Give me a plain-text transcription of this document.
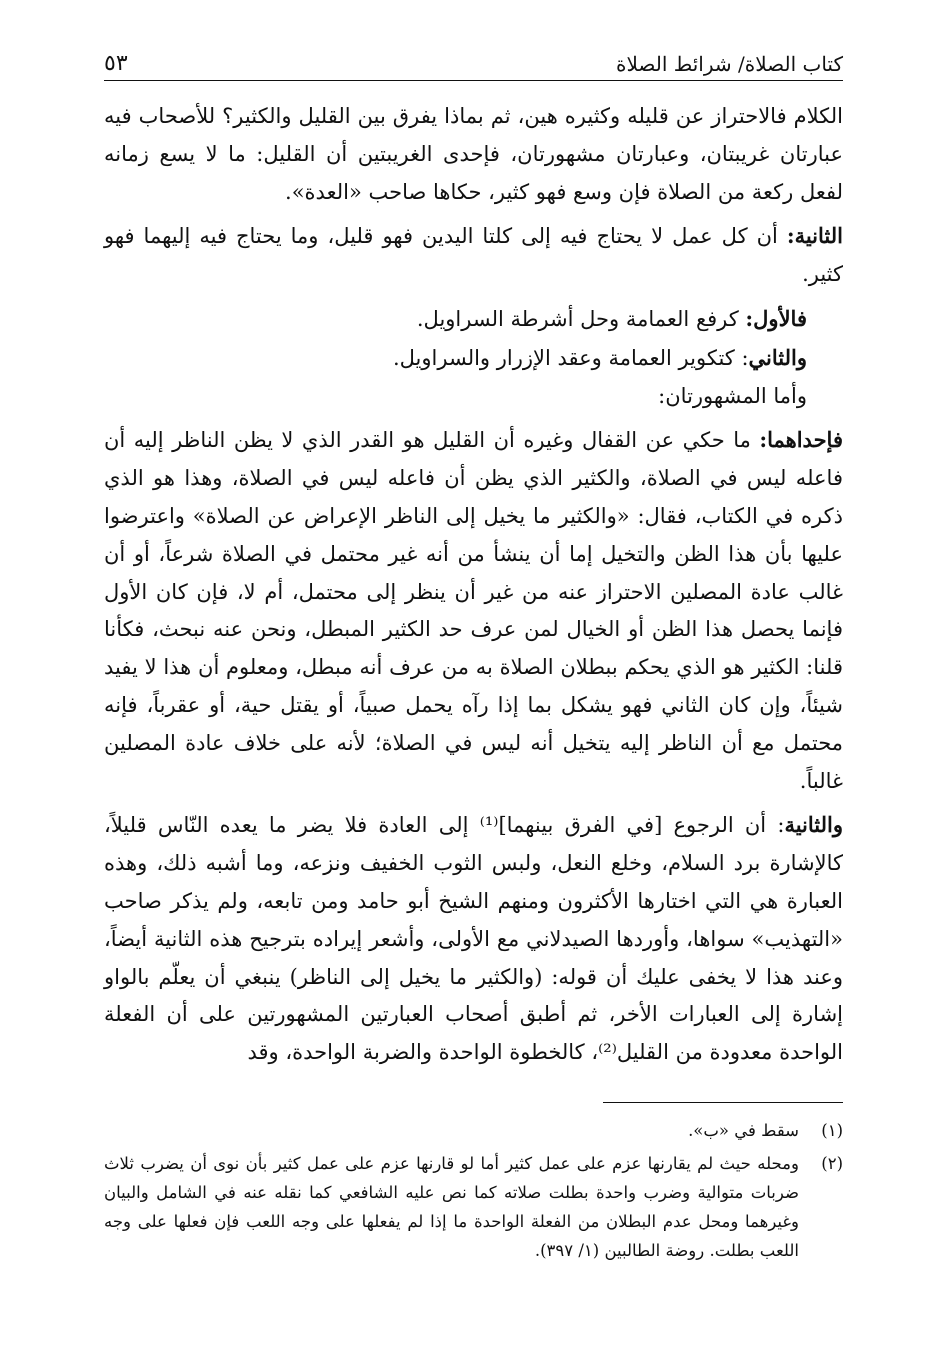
كتاب الصلاة/ شرائط الصلاة
٥٣

الكلام فالاحتراز عن قليله وكثيره هين، ثم بماذا يفرق بين القليل والكثير؟ للأصحاب فيه عبارتان غريبتان، وعبارتان مشهورتان، فإحدى الغريبتين أن القليل: ما لا يسع زمانه لفعل ركعة من الصلاة فإن وسع فهو كثير، حكاها صاحب «العدة».

الثانية: أن كل عمل لا يحتاج فيه إلى كلتا اليدين فهو قليل، وما يحتاج فيه إليهما فهو كثير.

فالأول: كرفع العمامة وحل أشرطة السراويل.

والثاني: كتكوير العمامة وعقد الإزرار والسراويل.

وأما المشهورتان:

فإحداهما: ما حكي عن القفال وغيره أن القليل هو القدر الذي لا يظن الناظر إليه أن فاعله ليس في الصلاة، والكثير الذي يظن أن فاعله ليس في الصلاة، وهذا هو الذي ذكره في الكتاب، فقال: «والكثير ما يخيل إلى الناظر الإعراض عن الصلاة» واعترضوا عليها بأن هذا الظن والتخيل إما أن ينشأ من أنه غير محتمل في الصلاة شرعاً، أو أن غالب عادة المصلين الاحتراز عنه من غير أن ينظر إلى محتمل، أم لا، فإن كان الأول فإنما يحصل هذا الظن أو الخيال لمن عرف حد الكثير المبطل، ونحن عنه نبحث، فكأنا قلنا: الكثير هو الذي يحكم ببطلان الصلاة به من عرف أنه مبطل، ومعلوم أن هذا لا يفيد شيئاً، وإن كان الثاني فهو يشكل بما إذا رآه يحمل صبياً، أو يقتل حية، أو عقرباً، فإنه محتمل مع أن الناظر إليه يتخيل أنه ليس في الصلاة؛ لأنه على خلاف عادة المصلين غالباً.

والثانية: أن الرجوع [في الفرق بينهما]⁽¹⁾ إلى العادة فلا يضر ما يعده النّاس قليلاً، كالإشارة برد السلام، وخلع النعل، ولبس الثوب الخفيف ونزعه، وما أشبه ذلك، وهذه العبارة هي التي اختارها الأكثرون ومنهم الشيخ أبو حامد ومن تابعه، ولم يذكر صاحب «التهذيب» سواها، وأوردها الصيدلاني مع الأولى، وأشعر إيراده بترجيح هذه الثانية أيضاً، وعند هذا لا يخفى عليك أن قوله: (والكثير ما يخيل إلى الناظر) ينبغي أن يعلّم بالواو إشارة إلى العبارات الأخر، ثم أطبق أصحاب العبارتين المشهورتين على أن الفعلة الواحدة معدودة من القليل⁽²⁾، كالخطوة الواحدة والضربة الواحدة، وقد

(١)
سقط في «ب».
(٢)
ومحله حيث لم يقارنها عزم على عمل كثير أما لو قارنها عزم على عمل كثير بأن نوى أن يضرب ثلاث ضربات متوالية وضرب واحدة بطلت صلاته كما نص عليه الشافعي كما نقله عنه في الشامل والبيان وغيرهما ومحل عدم البطلان من الفعلة الواحدة ما إذا لم يفعلها على وجه اللعب فإن فعلها على وجه اللعب بطلت. روضة الطالبين (١/ ٣٩٧).
